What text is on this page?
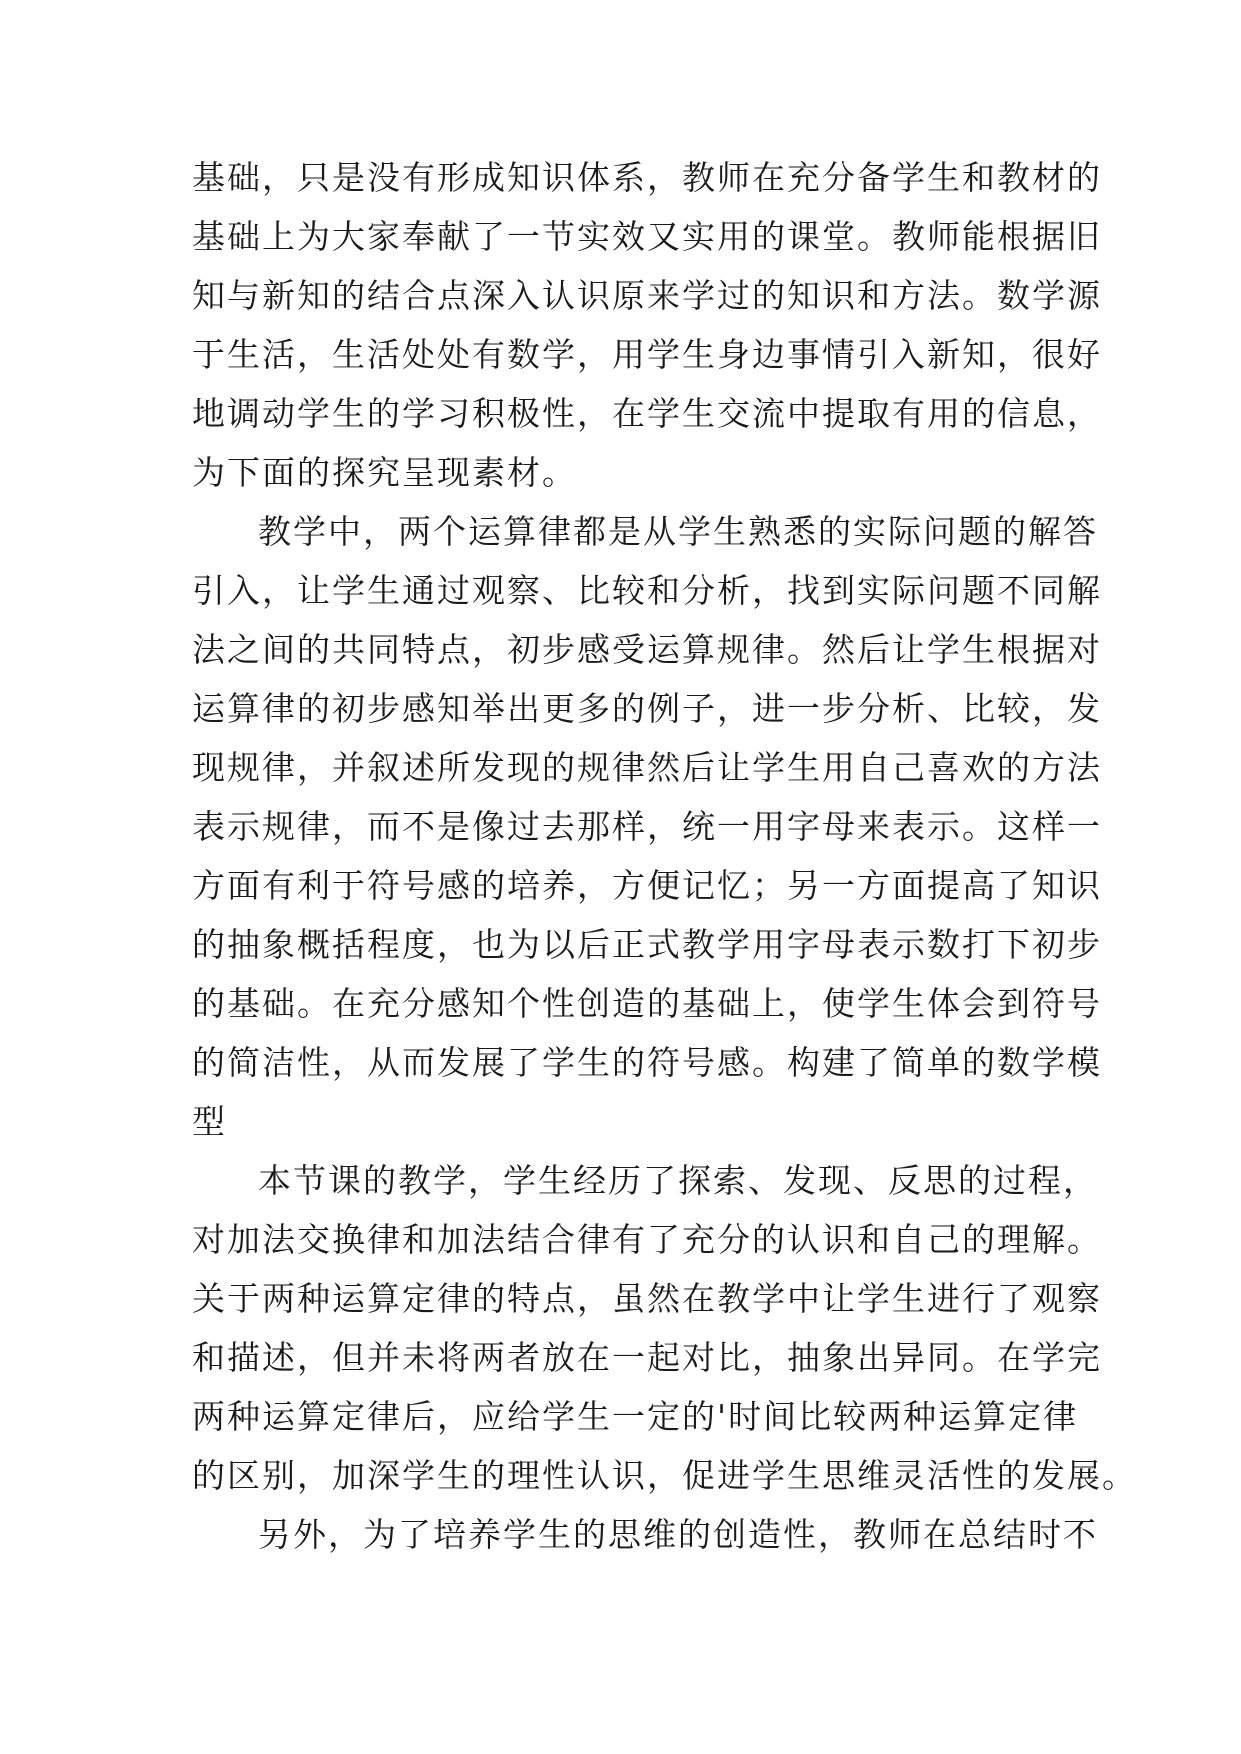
基础，只是没有形成知识体系，教师在充分备学生和教材的
基础上为大家奉献了一节实效又实用的课堂。教师能根据旧
知与新知的结合点深入认识原来学过的知识和方法。数学源
于生活，生活处处有数学，用学生身边事情引入新知，很好
地调动学生的学习积极性，在学生交流中提取有用的信息，
为下面的探究呈现素材。
教学中，两个运算律都是从学生熟悉的实际问题的解答
引入，让学生通过观察、比较和分析，找到实际问题不同解
法之间的共同特点，初步感受运算规律。然后让学生根据对
运算律的初步感知举出更多的例子，进一步分析、比较，发
现规律，并叙述所发现的规律然后让学生用自己喜欢的方法
表示规律，而不是像过去那样，统一用字母来表示。这样一
方面有利于符号感的培养，方便记忆；另一方面提高了知识
的抽象概括程度，也为以后正式教学用字母表示数打下初步
的基础。在充分感知个性创造的基础上，使学生体会到符号
的简洁性，从而发展了学生的符号感。构建了简单的数学模
型
本节课的教学，学生经历了探索、发现、反思的过程，
对加法交换律和加法结合律有了充分的认识和自己的理解。
关于两种运算定律的特点，虽然在教学中让学生进行了观察
和描述，但并未将两者放在一起对比，抽象出异同。在学完
两种运算定律后，应给学生一定的'时间比较两种运算定律
的区别，加深学生的理性认识，促进学生思维灵活性的发展。
另外，为了培养学生的思维的创造性，教师在总结时不
